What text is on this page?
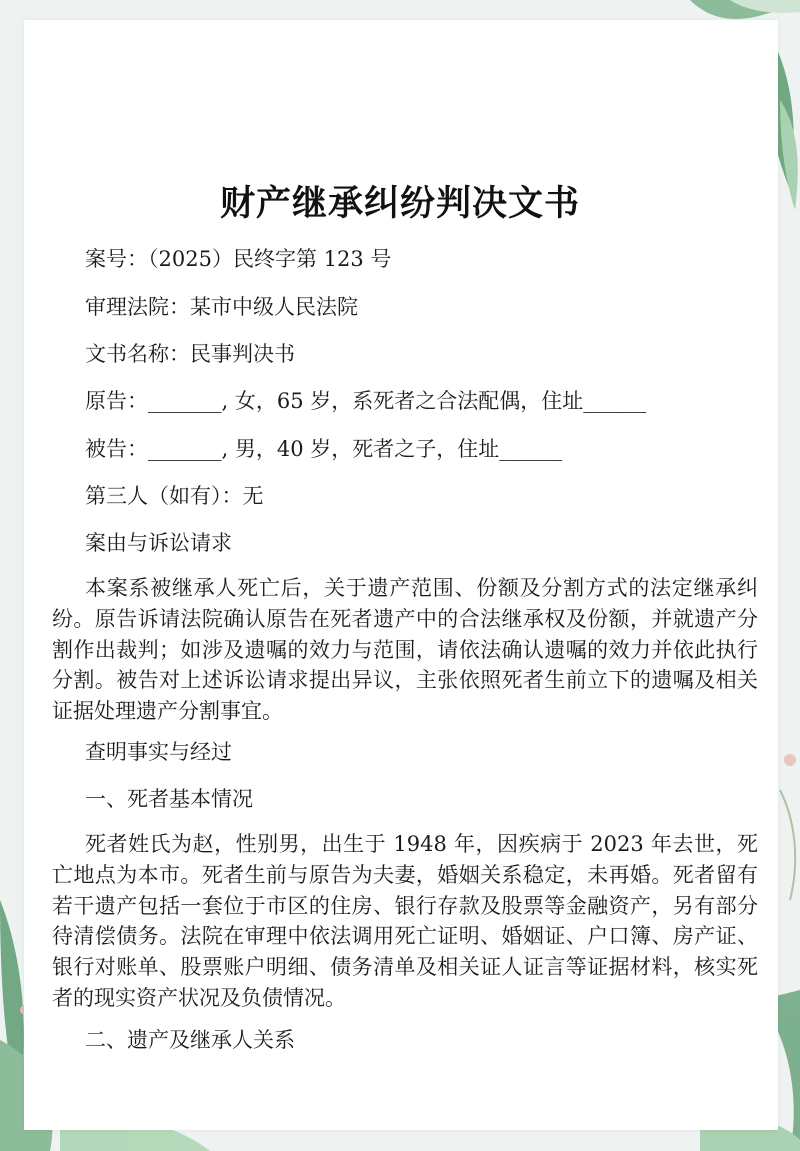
财产继承纠纷判决文书
案号：（2025）民终字第 123 号
审理法院：某市中级人民法院
文书名称：民事判决书
原告：_______, 女，65 岁，系死者之合法配偶，住址______
被告：_______, 男，40 岁，死者之子，住址______
第三人（如有）：无
案由与诉讼请求
本案系被继承人死亡后，关于遗产范围、份额及分割方式的法定继承纠纷。原告诉请法院确认原告在死者遗产中的合法继承权及份额，并就遗产分割作出裁判；如涉及遗嘱的效力与范围，请依法确认遗嘱的效力并依此执行分割。被告对上述诉讼请求提出异议，主张依照死者生前立下的遗嘱及相关证据处理遗产分割事宜。
查明事实与经过
一、死者基本情况
死者姓氏为赵，性别男，出生于 1948 年，因疾病于 2023 年去世，死亡地点为本市。死者生前与原告为夫妻，婚姻关系稳定，未再婚。死者留有若干遗产包括一套位于市区的住房、银行存款及股票等金融资产，另有部分待清偿债务。法院在审理中依法调用死亡证明、婚姻证、户口簿、房产证、银行对账单、股票账户明细、债务清单及相关证人证言等证据材料，核实死者的现实资产状况及负债情况。
二、遗产及继承人关系
